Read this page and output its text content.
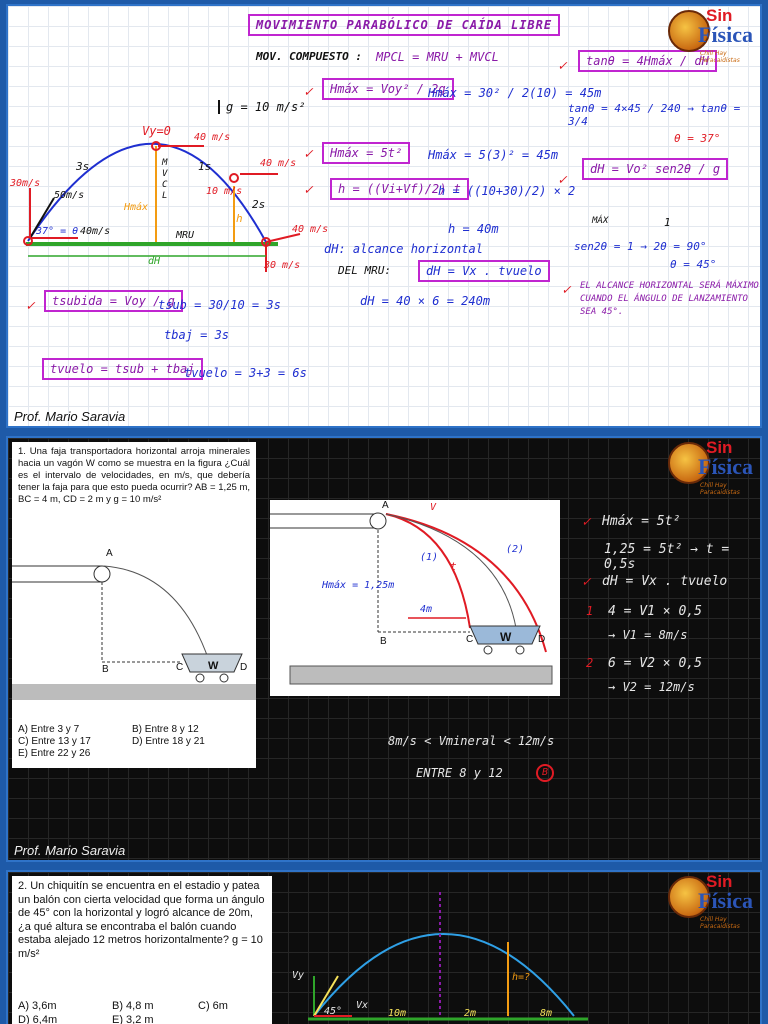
MOVIMIENTO PARABÓLICO DE CAÍDA LIBRE
MOV. COMPUESTO : MPCL = MRU + MVCL
g = 10 m/s²
Vy=0 40 m/s
10 m/s
40 m/s
40 m/s
30 m/s
30m/s
50m/s
37° = θ 40m/s
3s	1s
2s
Hmáx
MVCL
MRU
dH
h
✓	Hmáx = Voy² / 2g
Hmáx = 30² / 2(10) = 45m
✓	Hmáx = 5t²	Hmáx = 5(3)² = 45m
✓	h = ((Vi+Vf)/2) t
h = ((10+30)/2) × 2
h = 40m
dH: alcance horizontal
DEL MRU:	dH = Vx . tvuelo
dH = 40 × 6 = 240m
✓	tsubida = Voy / g
tsub = 30/10 = 3s
tbaj = 3s
tvuelo = tsub + tbaj
tvuelo = 3+3 = 6s
✓	tanθ = 4Hmáx / dH
tanθ = 4×45 / 240 → tanθ = 3/4
θ = 37°
✓
dH = Vo² sen2θ / g
MÁX	1
sen2θ = 1 → 2θ = 90°
θ = 45°
✓ EL ALCANCE HORIZONTAL SERÁ MÁXIMO CUANDO EL ÁNGULO DE LANZAMIENTO SEA 45°.
Prof. Mario Saravia
1. Una faja transportadora horizontal arroja minerales hacia un vagón W como se muestra en la figura ¿Cuál es el intervalo de velocidades, en m/s, que debería tener la faja para que esto pueda ocurrir? AB = 1,25 m, BC = 4 m, CD = 2 m y g = 10 m/s²
A
B	C	D
W
A) Entre 3 y 7	B) Entre 8 y 12
C) Entre 13 y 17	D) Entre 18 y 21
E) Entre 22 y 26
A
B	C	D
W
Hmáx = 1,25m
4m
(1)
(2)
t
V
✓ Hmáx = 5t²
1,25 = 5t² → t = 0,5s
✓ dH = Vx . tvuelo
1 4 = V1 × 0,5
→ V1 = 8m/s
2 6 = V2 × 0,5
→ V2 = 12m/s
8m/s < Vmineral < 12m/s
ENTRE 8 y 12	B
Prof. Mario Saravia
2. Un chiquitín se encuentra en el estadio y patea un balón con cierta velocidad que forma un ángulo de 45° con la horizontal y logró alcance de 20m, ¿a qué altura se encontraba el balón cuando estaba alejado 12 metros horizontalmente? g = 10 m/s²
A) 3,6m	B) 4,8 m	C) 6m
D) 6,4m	E) 3,2 m
Vy
45°
Vx
10m	2m	8m
h=?
Sin
Física
Chill Hay Paracaidistas
Sin
Física
Chill Hay Paracaidistas
Sin
Física
Chill Hay Paracaidistas
